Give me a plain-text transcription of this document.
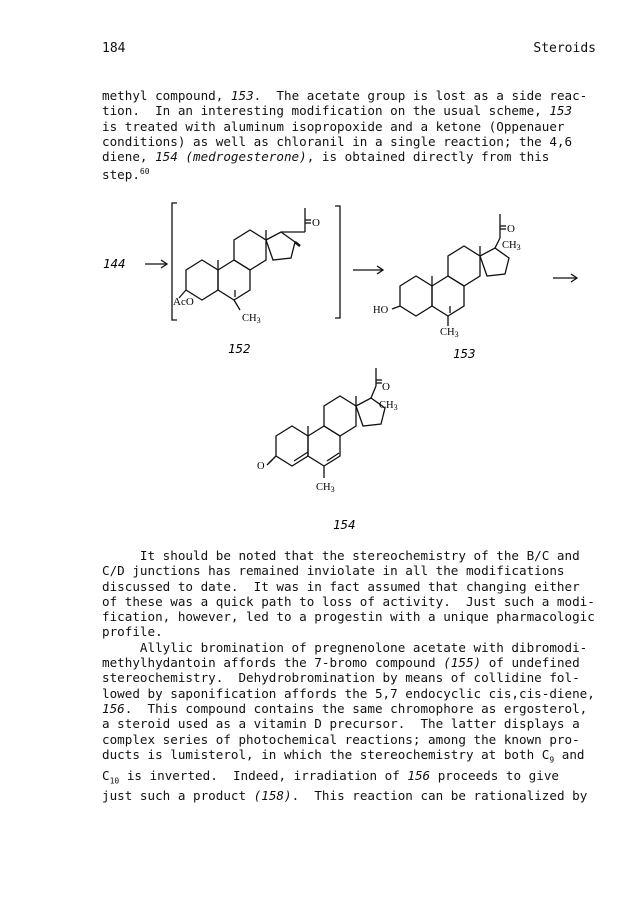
184	Steroids
methyl compound, 153.  The acetate group is lost as a side reac-
tion.  In an interesting modification on the usual scheme, 153
is treated with aluminum isopropoxide and a ketone (Oppenauer
conditions) as well as chloranil in a single reaction; the 4,6
diene, 154 (medrogesterone), is obtained directly from this
step.$^{60}$
144
O
AcO
CH3
152
O
CH3
HO
CH3
153
O
CH3
O
CH3
154
It should be noted that the stereochemistry of the B/C and
C/D junctions has remained inviolate in all the modifications
discussed to date.  It was in fact assumed that changing either
of these was a quick path to loss of activity.  Just such a modi-
fication, however, led to a progestin with a unique pharmacologic
profile.
Allylic bromination of pregnenolone acetate with dibromodi-
methylhydantoin affords the 7-bromo compound (155) of undefined
stereochemistry.  Dehydrobromination by means of collidine fol-
lowed by saponification affords the 5,7 endocyclic cis,cis-diene,
156.  This compound contains the same chromophore as ergosterol,
a steroid used as a vitamin D precursor.  The latter displays a
complex series of photochemical reactions; among the known pro-
ducts is lumisterol, in which the stereochemistry at both $C_9$ and
$C_{10}$ is inverted.  Indeed, irradiation of 156 proceeds to give
just such a product (158).  This reaction can be rationalized by
